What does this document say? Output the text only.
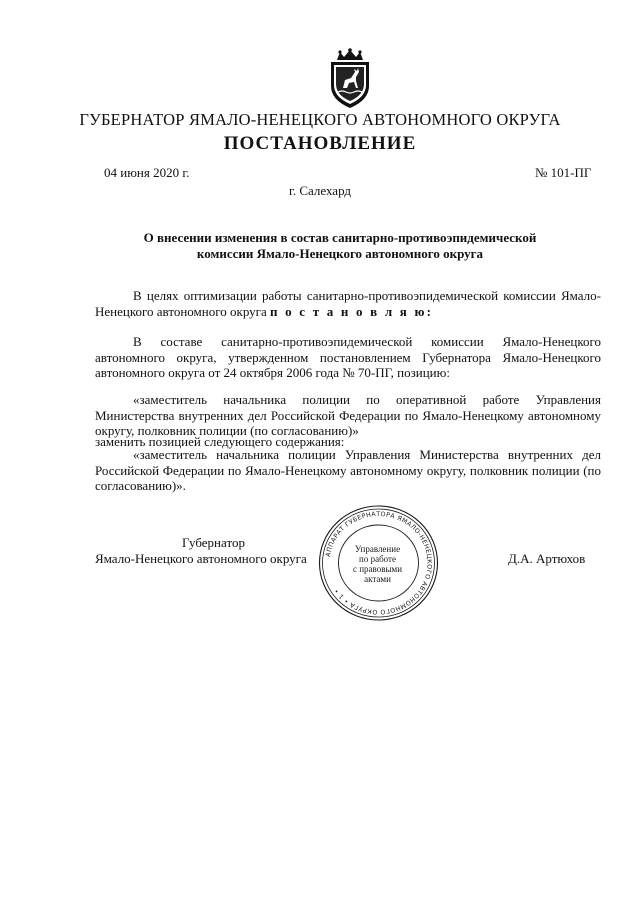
ГУБЕРНАТОР ЯМАЛО-НЕНЕЦКОГО АВТОНОМНОГО ОКРУГА
ПОСТАНОВЛЕНИЕ
04 июня 2020 г.	№ 101-ПГ
г. Салехард
О внесении изменения в состав санитарно-противоэпидемической
комиссии Ямало-Ненецкого автономного округа
В целях оптимизации работы санитарно-противоэпидемической комиссии Ямало-Ненецкого автономного округа п о с т а н о в л я ю:
В составе санитарно-противоэпидемической комиссии Ямало-Ненецкого автономного округа, утвержденном постановлением Губернатора Ямало-Ненецкого автономного округа от 24 октября 2006 года № 70-ПГ, позицию:
«заместитель начальника полиции по оперативной работе Управления Министерства внутренних дел Российской Федерации по Ямало-Ненецкому автономному округу, полковник полиции (по согласованию)»
заменить позицией следующего содержания:
«заместитель начальника полиции Управления Министерства внутренних дел Российской Федерации по Ямало-Ненецкому автономному округу, полковник полиции (по согласованию)».
АППАРАТ ГУБЕРНАТОРА ЯМАЛО-НЕНЕЦКОГО АВТОНОМНОГО ОКРУГА • 1 •
Управление
по работе
с правовыми
актами
Губернатор
Ямало-Ненецкого автономного округа	Д.А. Артюхов
